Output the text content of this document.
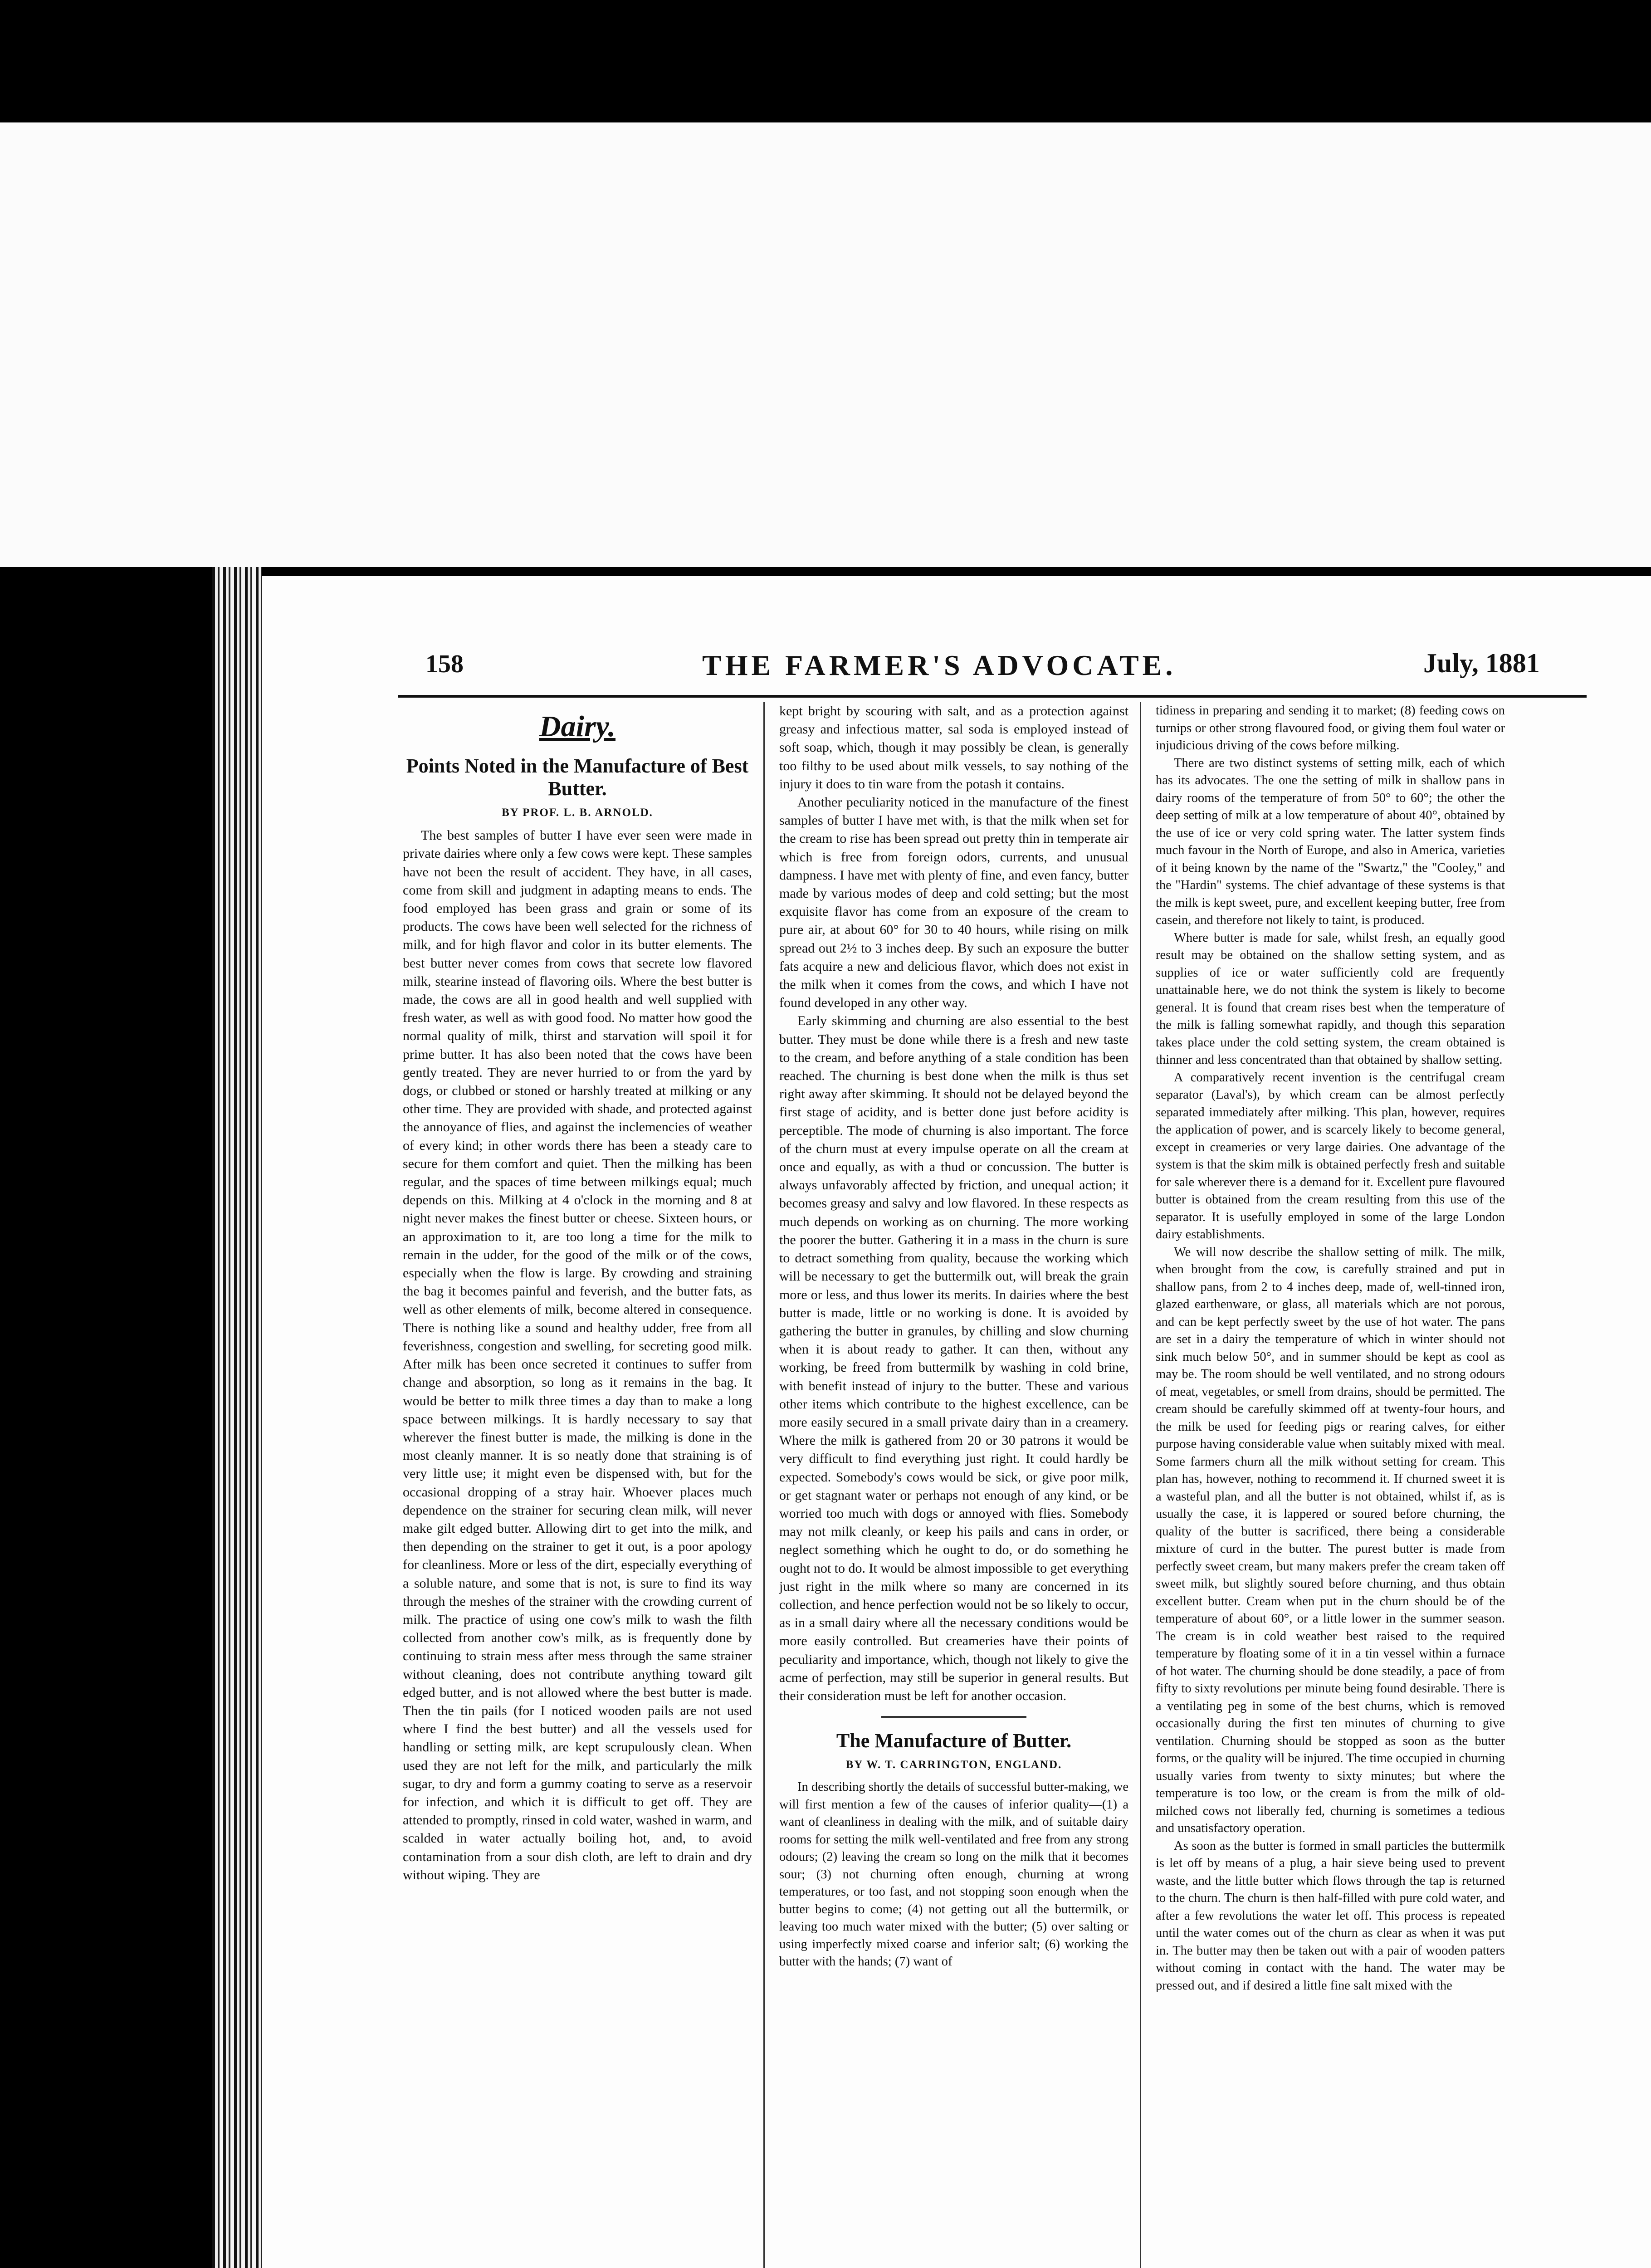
158	THE FARMER'S ADVOCATE.	July, 1881
Dairy.
Points Noted in the Manufacture of Best Butter.
BY PROF. L. B. ARNOLD.

The best samples of butter I have ever seen were made in private dairies where only a few cows were kept. These samples have not been the result of accident. They have, in all cases, come from skill and judgment in adapting means to ends. The food employed has been grass and grain or some of its products. The cows have been well selected for the richness of milk, and for high flavor and color in its butter elements. The best butter never comes from cows that secrete low flavored milk, stearine instead of flavoring oils. Where the best butter is made, the cows are all in good health and well supplied with fresh water, as well as with good food. No matter how good the normal quality of milk, thirst and starvation will spoil it for prime butter. It has also been noted that the cows have been gently treated. They are never hurried to or from the yard by dogs, or clubbed or stoned or harshly treated at milking or any other time. They are provided with shade, and protected against the annoyance of flies, and against the inclemencies of weather of every kind; in other words there has been a steady care to secure for them comfort and quiet. Then the milking has been regular, and the spaces of time between milkings equal; much depends on this. Milking at 4 o'clock in the morning and 8 at night never makes the finest butter or cheese. Sixteen hours, or an approximation to it, are too long a time for the milk to remain in the udder, for the good of the milk or of the cows, especially when the flow is large. By crowding and straining the bag it becomes painful and feverish, and the butter fats, as well as other elements of milk, become altered in consequence. There is nothing like a sound and healthy udder, free from all feverishness, congestion and swelling, for secreting good milk. After milk has been once secreted it continues to suffer from change and absorption, so long as it remains in the bag. It would be better to milk three times a day than to make a long space between milkings. It is hardly necessary to say that wherever the finest butter is made, the milking is done in the most cleanly manner. It is so neatly done that straining is of very little use; it might even be dispensed with, but for the occasional dropping of a stray hair. Whoever places much dependence on the strainer for securing clean milk, will never make gilt edged butter. Allowing dirt to get into the milk, and then depending on the strainer to get it out, is a poor apology for cleanliness. More or less of the dirt, especially everything of a soluble nature, and some that is not, is sure to find its way through the meshes of the strainer with the crowding current of milk. The practice of using one cow's milk to wash the filth collected from another cow's milk, as is frequently done by continuing to strain mess after mess through the same strainer without cleaning, does not contribute anything toward gilt edged butter, and is not allowed where the best butter is made. Then the tin pails (for I noticed wooden pails are not used where I find the best butter) and all the vessels used for handling or setting milk, are kept scrupulously clean. When used they are not left for the milk, and particularly the milk sugar, to dry and form a gummy coating to serve as a reservoir for infection, and which it is difficult to get off. They are attended to promptly, rinsed in cold water, washed in warm, and scalded in water actually boiling hot, and, to avoid contamination from a sour dish cloth, are left to drain and dry without wiping. They are

kept bright by scouring with salt, and as a protection against greasy and infectious matter, sal soda is employed instead of soft soap, which, though it may possibly be clean, is generally too filthy to be used about milk vessels, to say nothing of the injury it does to tin ware from the potash it contains.

Another peculiarity noticed in the manufacture of the finest samples of butter I have met with, is that the milk when set for the cream to rise has been spread out pretty thin in temperate air which is free from foreign odors, currents, and unusual dampness. I have met with plenty of fine, and even fancy, butter made by various modes of deep and cold setting; but the most exquisite flavor has come from an exposure of the cream to pure air, at about 60° for 30 to 40 hours, while rising on milk spread out 2½ to 3 inches deep. By such an exposure the butter fats acquire a new and delicious flavor, which does not exist in the milk when it comes from the cows, and which I have not found developed in any other way.

Early skimming and churning are also essential to the best butter. They must be done while there is a fresh and new taste to the cream, and before anything of a stale condition has been reached. The churning is best done when the milk is thus set right away after skimming. It should not be delayed beyond the first stage of acidity, and is better done just before acidity is perceptible. The mode of churning is also important. The force of the churn must at every impulse operate on all the cream at once and equally, as with a thud or concussion. The butter is always unfavorably affected by friction, and unequal action; it becomes greasy and salvy and low flavored. In these respects as much depends on working as on churning. The more working the poorer the butter. Gathering it in a mass in the churn is sure to detract something from quality, because the working which will be necessary to get the buttermilk out, will break the grain more or less, and thus lower its merits. In dairies where the best butter is made, little or no working is done. It is avoided by gathering the butter in granules, by chilling and slow churning when it is about ready to gather. It can then, without any working, be freed from buttermilk by washing in cold brine, with benefit instead of injury to the butter. These and various other items which contribute to the highest excellence, can be more easily secured in a small private dairy than in a creamery. Where the milk is gathered from 20 or 30 patrons it would be very difficult to find everything just right. It could hardly be expected. Somebody's cows would be sick, or give poor milk, or get stagnant water or perhaps not enough of any kind, or be worried too much with dogs or annoyed with flies. Somebody may not milk cleanly, or keep his pails and cans in order, or neglect something which he ought to do, or do something he ought not to do. It would be almost impossible to get everything just right in the milk where so many are concerned in its collection, and hence perfection would not be so likely to occur, as in a small dairy where all the necessary conditions would be more easily controlled. But creameries have their points of peculiarity and importance, which, though not likely to give the acme of perfection, may still be superior in general results. But their consideration must be left for another occasion.

The Manufacture of Butter.
BY W. T. CARRINGTON, ENGLAND.

In describing shortly the details of successful butter-making, we will first mention a few of the causes of inferior quality—(1) a want of cleanliness in dealing with the milk, and of suitable dairy rooms for setting the milk well-ventilated and free from any strong odours; (2) leaving the cream so long on the milk that it becomes sour; (3) not churning often enough, churning at wrong temperatures, or too fast, and not stopping soon enough when the butter begins to come; (4) not getting out all the buttermilk, or leaving too much water mixed with the butter; (5) over salting or using imperfectly mixed coarse and inferior salt; (6) working the butter with the hands; (7) want of

tidiness in preparing and sending it to market; (8) feeding cows on turnips or other strong flavoured food, or giving them foul water or injudicious driving of the cows before milking.

There are two distinct systems of setting milk, each of which has its advocates. The one the setting of milk in shallow pans in dairy rooms of the temperature of from 50° to 60°; the other the deep setting of milk at a low temperature of about 40°, obtained by the use of ice or very cold spring water. The latter system finds much favour in the North of Europe, and also in America, varieties of it being known by the name of the "Swartz," the "Cooley," and the "Hardin" systems. The chief advantage of these systems is that the milk is kept sweet, pure, and excellent keeping butter, free from casein, and therefore not likely to taint, is produced.

Where butter is made for sale, whilst fresh, an equally good result may be obtained on the shallow setting system, and as supplies of ice or water sufficiently cold are frequently unattainable here, we do not think the system is likely to become general. It is found that cream rises best when the temperature of the milk is falling somewhat rapidly, and though this separation takes place under the cold setting system, the cream obtained is thinner and less concentrated than that obtained by shallow setting.

A comparatively recent invention is the centrifugal cream separator (Laval's), by which cream can be almost perfectly separated immediately after milking. This plan, however, requires the application of power, and is scarcely likely to become general, except in creameries or very large dairies. One advantage of the system is that the skim milk is obtained perfectly fresh and suitable for sale wherever there is a demand for it. Excellent pure flavoured butter is obtained from the cream resulting from this use of the separator. It is usefully employed in some of the large London dairy establishments.

We will now describe the shallow setting of milk. The milk, when brought from the cow, is carefully strained and put in shallow pans, from 2 to 4 inches deep, made of, well-tinned iron, glazed earthenware, or glass, all materials which are not porous, and can be kept perfectly sweet by the use of hot water. The pans are set in a dairy the temperature of which in winter should not sink much below 50°, and in summer should be kept as cool as may be. The room should be well ventilated, and no strong odours of meat, vegetables, or smell from drains, should be permitted. The cream should be carefully skimmed off at twenty-four hours, and the milk be used for feeding pigs or rearing calves, for either purpose having considerable value when suitably mixed with meal. Some farmers churn all the milk without setting for cream. This plan has, however, nothing to recommend it. If churned sweet it is a wasteful plan, and all the butter is not obtained, whilst if, as is usually the case, it is lappered or soured before churning, the quality of the butter is sacrificed, there being a considerable mixture of curd in the butter. The purest butter is made from perfectly sweet cream, but many makers prefer the cream taken off sweet milk, but slightly soured before churning, and thus obtain excellent butter. Cream when put in the churn should be of the temperature of about 60°, or a little lower in the summer season. The cream is in cold weather best raised to the required temperature by floating some of it in a tin vessel within a furnace of hot water. The churning should be done steadily, a pace of from fifty to sixty revolutions per minute being found desirable. There is a ventilating peg in some of the best churns, which is removed occasionally during the first ten minutes of churning to give ventilation. Churning should be stopped as soon as the butter forms, or the quality will be injured. The time occupied in churning usually varies from twenty to sixty minutes; but where the temperature is too low, or the cream is from the milk of old-milched cows not liberally fed, churning is sometimes a tedious and unsatisfactory operation.

As soon as the butter is formed in small particles the buttermilk is let off by means of a plug, a hair sieve being used to prevent waste, and the little butter which flows through the tap is returned to the churn. The churn is then half-filled with pure cold water, and after a few revolutions the water let off. This process is repeated until the water comes out of the churn as clear as when it was put in. The butter may then be taken out with a pair of wooden patters without coming in contact with the hand. The water may be pressed out, and if desired a little fine salt mixed with the
